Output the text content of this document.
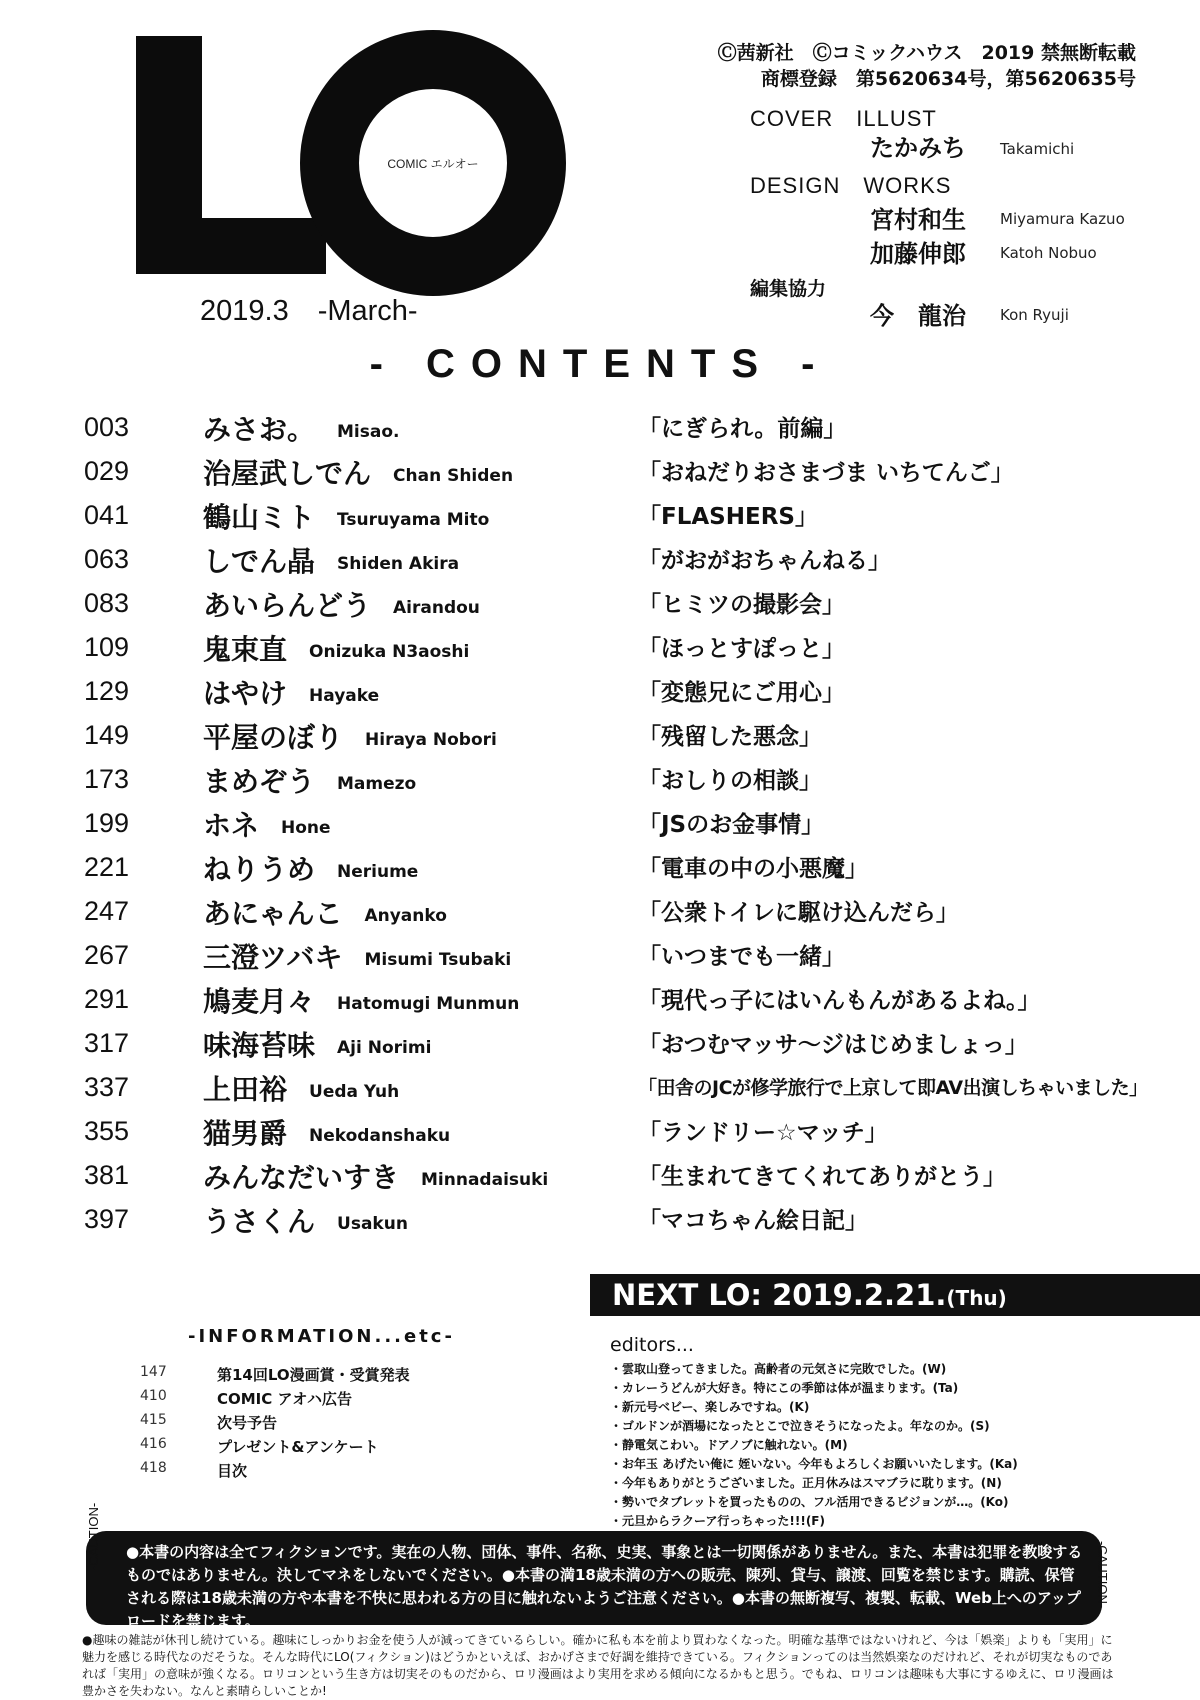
COMIC エルオー
2019.3　-March-
Ⓒ茜新社　Ⓒコミックハウス　2019 禁無断転載
商標登録　第5620634号，第5620635号
COVER　ILLUST
たかみち Takamichi
DESIGN　WORKS
宮村和生 Miyamura Kazuo
加藤伸郎 Katoh Nobuo
編集協力
今　龍治 Kon Ryuji
- CONTENTS -
003	みさお。 Misao.	「にぎられ。前編」
029	治屋武しでん Chan Shiden	「おねだりおさまづま いちてんご」
041	鶴山ミト Tsuruyama Mito	「FLASHERS」
063	しでん晶 Shiden Akira	「がおがおちゃんねる」
083	あいらんどう Airandou	「ヒミツの撮影会」
109	鬼束直 Onizuka N3aoshi	「ほっとすぽっと」
129	はやけ Hayake	「変態兄にご用心」
149	平屋のぼり Hiraya Nobori	「残留した悪念」
173	まめぞう Mamezo	「おしりの相談」
199	ホネ Hone	「JSのお金事情」
221	ねりうめ Neriume	「電車の中の小悪魔」
247	あにゃんこ Anyanko	「公衆トイレに駆け込んだら」
267	三澄ツバキ Misumi Tsubaki	「いつまでも一緒」
291	鳩麦月々 Hatomugi Munmun	「現代っ子にはいんもんがあるよね。」
317	味海苔味 Aji Norimi	「おつむマッサ～ジはじめましょっ」
337	上田裕 Ueda Yuh	「田舎のJCが修学旅行で上京して即AV出演しちゃいました」
355	猫男爵 Nekodanshaku	「ランドリー☆マッチ」
381	みんなだいすき Minnadaisuki	「生まれてきてくれてありがとう」
397	うさくん Usakun	「マコちゃん絵日記」
NEXT LO: 2019.2.21.(Thu)
-INFORMATION...etc-
147	第14回LO漫画賞・受賞発表
410	COMIC アオハ広告
415	次号予告
416	プレゼント&アンケート
418	目次
editors...
・雲取山登ってきました。高齢者の元気さに完敗でした。(W)
・カレーうどんが大好き。特にこの季節は体が温まります。(Ta)
・新元号ベビー、楽しみですね。(K)
・ゴルドンが酒場になったとこで泣きそうになったよ。年なのか。(S)
・静電気こわい。ドアノブに触れない。(M)
・お年玉 あげたい俺に 姪いない。今年もよろしくお願いいたします。(Ka)
・今年もありがとうございました。正月休みはスマブラに耽ります。(N)
・勢いでタブレットを買ったものの、フル活用できるビジョンが…。(Ko)
・元旦からラクーア行っちゃった!!!(F)
●本書の内容は全てフィクションです。実在の人物、団体、事件、名称、史実、事象とは一切関係がありません。また、本書は犯罪を教唆するものではありません。決してマネをしないでください。●本書の満18歳未満の方への販売、陳列、貸与、譲渡、回覧を禁じます。購読、保管される際は18歳未満の方や本書を不快に思われる方の目に触れないようご注意ください。●本書の無断複写、複製、転載、Web上へのアップロードを禁じます。
-CAUTION-
-CAUTION-
●趣味の雑誌が休刊し続けている。趣味にしっかりお金を使う人が減ってきているらしい。確かに私も本を前より買わなくなった。明確な基準ではないけれど、今は「娯楽」よりも「実用」に魅力を感じる時代なのだそうな。そんな時代にLO(フィクション)はどうかといえば、おかげさまで好調を維持できている。フィクションってのは当然娯楽なのだけれど、それが切実なものであれば「実用」の意味が強くなる。ロリコンという生き方は切実そのものだから、ロリ漫画はより実用を求める傾向になるかもと思う。でもね、ロリコンは趣味も大事にするゆえに、ロリ漫画は豊かさを失わない。なんと素晴らしいことか!
